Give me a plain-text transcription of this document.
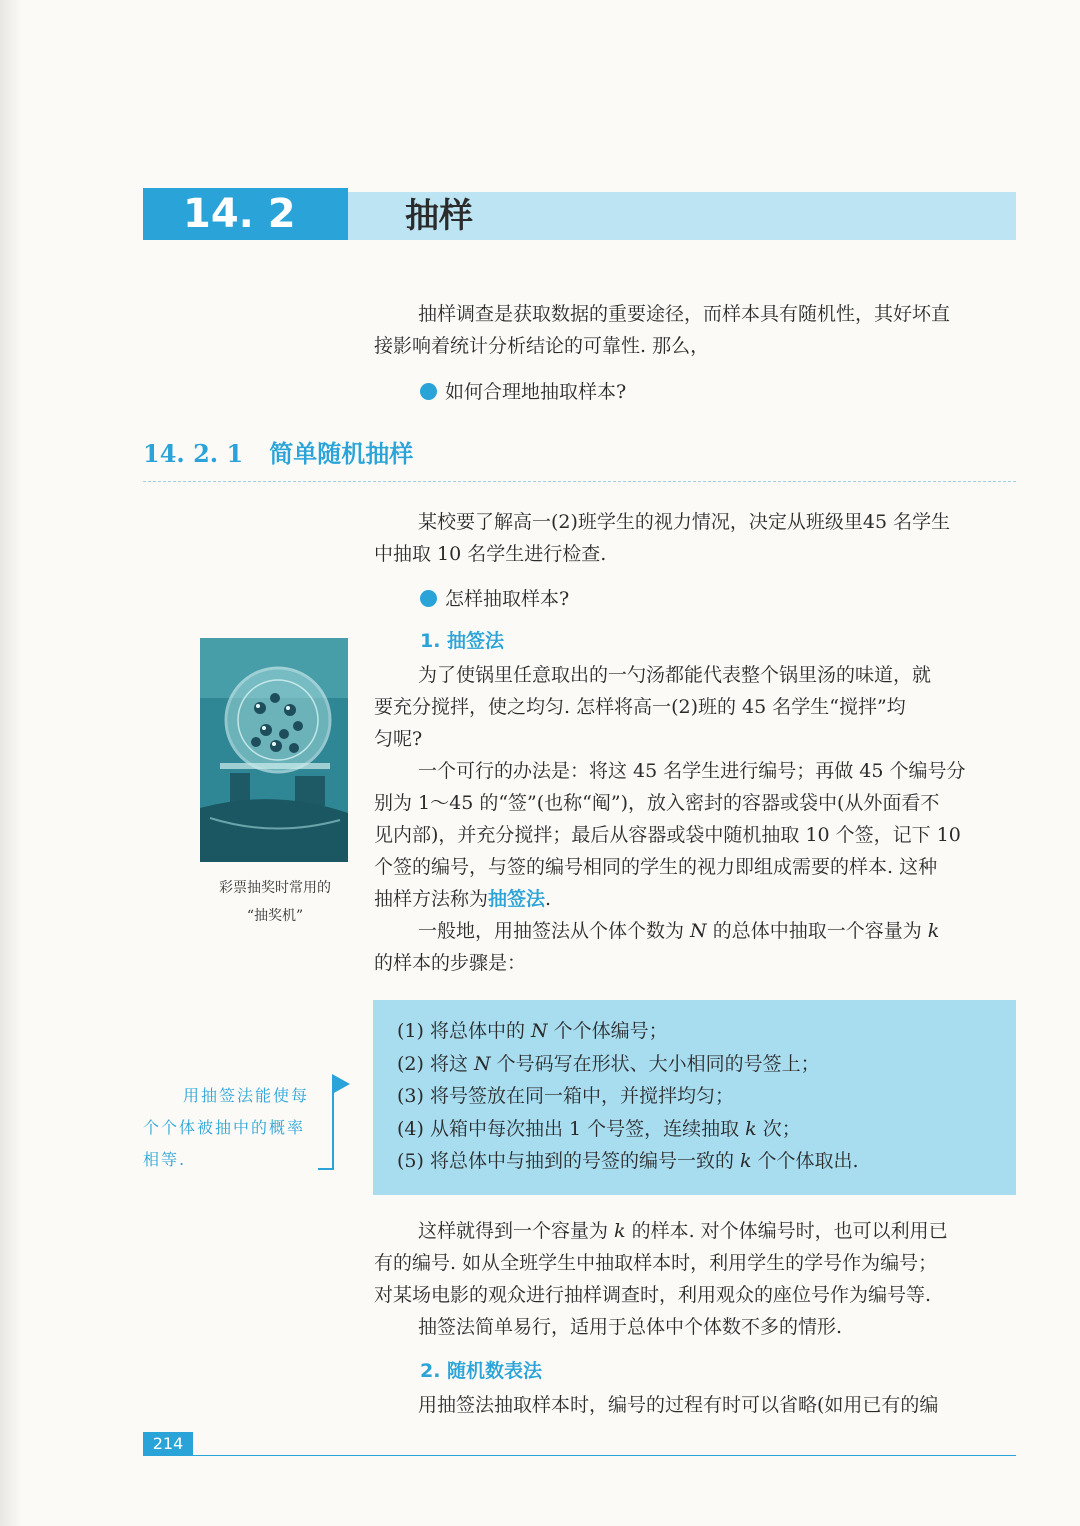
14. 2	抽样

抽样调查是获取数据的重要途径，而样本具有随机性，其好坏直

接影响着统计分析结论的可靠性. 那么，

如何合理地抽取样本?
14. 2. 1 简单随机抽样

某校要了解高一(2)班学生的视力情况，决定从班级里45 名学生

中抽取 10 名学生进行检查.

怎样抽取样本?
1. 抽签法

为了使锅里任意取出的一勺汤都能代表整个锅里汤的味道，就

要充分搅拌，使之均匀. 怎样将高一(2)班的 45 名学生“搅拌”均

匀呢?

一个可行的办法是：将这 45 名学生进行编号；再做 45 个编号分

别为 1～45 的“签”(也称“阄”)，放入密封的容器或袋中(从外面看不

见内部)，并充分搅拌；最后从容器或袋中随机抽取 10 个签，记下 10

个签的编号，与签的编号相同的学生的视力即组成需要的样本. 这种

抽样方法称为抽签法.

一般地，用抽签法从个体个数为 N 的总体中抽取一个容量为 k

的样本的步骤是：

彩票抽奖时常用的
“抽奖机”
(1) 将总体中的 N 个个体编号；
(2) 将这 N 个号码写在形状、大小相同的号签上；
(3) 将号签放在同一箱中，并搅拌均匀；
(4) 从箱中每次抽出 1 个号签，连续抽取 k 次；
(5) 将总体中与抽到的号签的编号一致的 k 个个体取出.
用抽签法能使每
个个体被抽中的概率
相等.

这样就得到一个容量为 k 的样本. 对个体编号时，也可以利用已

有的编号. 如从全班学生中抽取样本时，利用学生的学号作为编号；

对某场电影的观众进行抽样调查时，利用观众的座位号作为编号等.

抽签法简单易行，适用于总体中个体数不多的情形.

2. 随机数表法
用抽签法抽取样本时，编号的过程有时可以省略(如用已有的编
214
